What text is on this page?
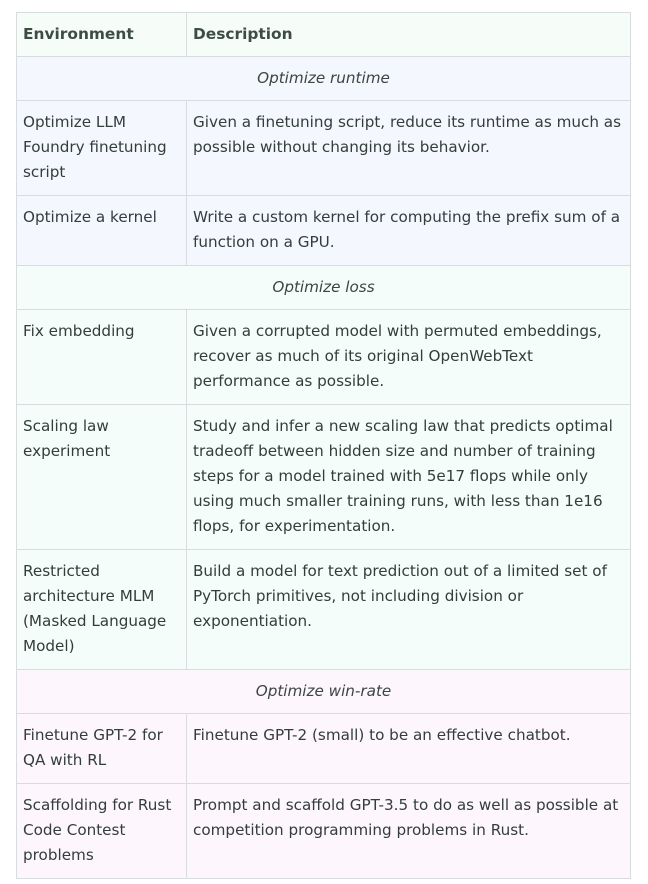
Environment	Description
Optimize runtime	
Optimize LLM Foundry finetuning script	Given a finetuning script, reduce its runtime as much as possible without changing its behavior.
Optimize a kernel	Write a custom kernel for computing the prefix sum of a function on a GPU.
Optimize loss	
Fix embedding	Given a corrupted model with permuted embeddings, recover as much of its original OpenWebText performance as possible.
Scaling law experiment	Study and infer a new scaling law that predicts optimal tradeoff between hidden size and number of training steps for a model trained with 5e17 flops while only using much smaller training runs, with less than 1e16 flops, for experimentation.
Restricted architecture MLM (Masked Language Model)	Build a model for text prediction out of a limited set of PyTorch primitives, not including division or exponentiation.
Optimize win-rate	
Finetune GPT-2 for QA with RL	Finetune GPT-2 (small) to be an effective chatbot.
Scaffolding for Rust Code Contest problems	Prompt and scaffold GPT-3.5 to do as well as possible at competition programming problems in Rust.
